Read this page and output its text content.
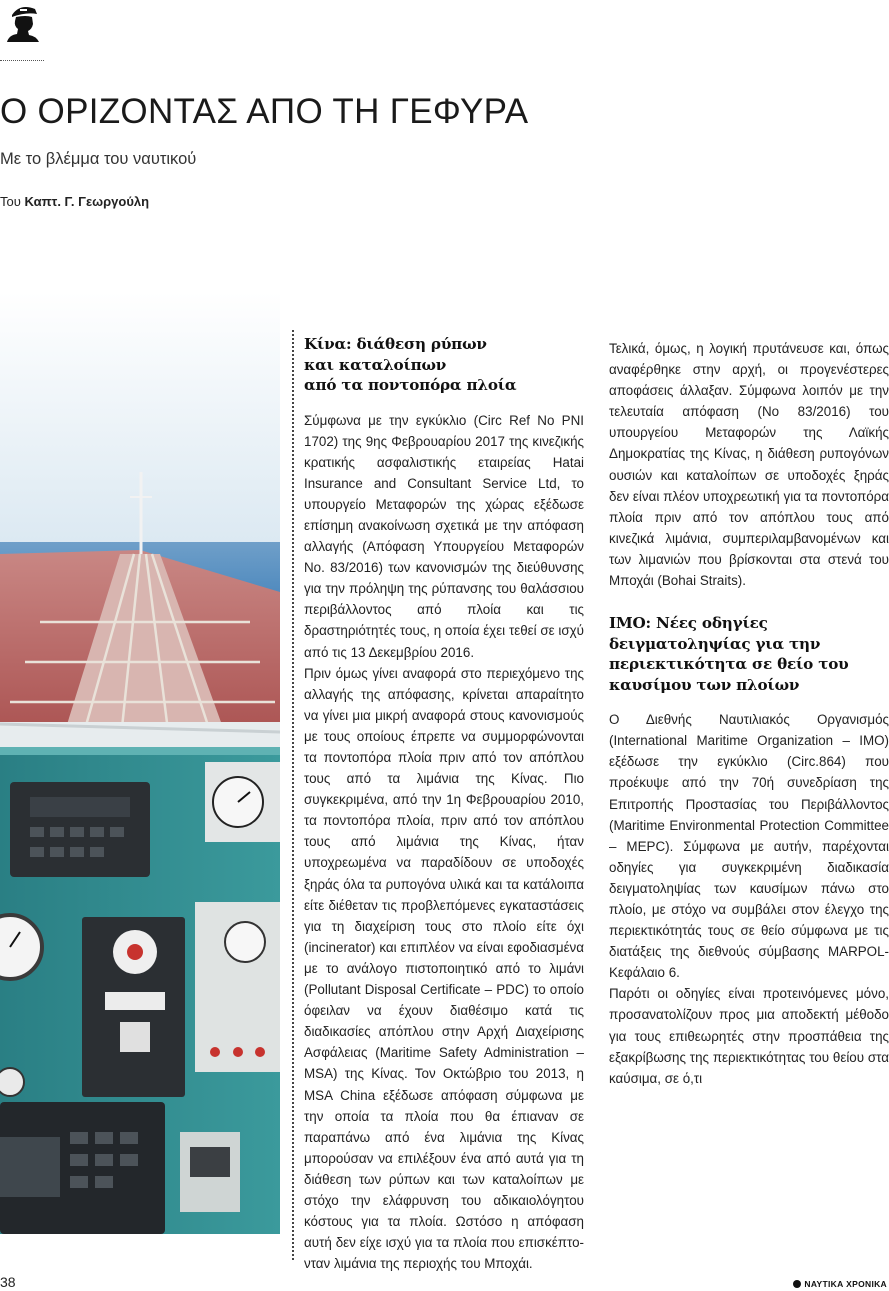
Ο ΟΡΙΖΟΝΤΑΣ ΑΠΟ ΤΗ ΓΕΦΥΡΑ
Με το βλέμμα του ναυτικού
Του Καπτ. Γ. Γεωργούλη
Κίνα: διάθεση ρύπων
και καταλοίπων
από τα ποντοπόρα πλοία

Σύμφωνα με την εγκύκλιο (Circ Ref No PNI 1702) της 9ης Φεβρουαρίου 2017 της κινεζικής κρατικής ασφαλιστικής εταιρείας Hatai Insurance and Consultant Service Ltd, το υπουργείο Μεταφορών της χώρας εξέδωσε επίσημη ανακοίνωση σχετικά με την απόφαση αλλαγής (Απόφαση Υπουργείου Μεταφορών No. 83/2016) των κανονισμών της διεύθυνσης για την πρόληψη της ρύπανσης του θαλάσσιου περιβάλλοντος από πλοία και τις δραστηριότητές τους, η οποία έχει τεθεί σε ισχύ από τις 13 Δεκεμβρίου 2016.

Πριν όμως γίνει αναφορά στο περιεχόμενο της αλλαγής της απόφασης, κρίνεται απαραίτητο να γίνει μια μικρή αναφορά στους κανονισμούς με τους οποίους έπρεπε να συμμορφώνονται τα ποντοπόρα πλοία πριν από τον απόπλου τους από τα λιμάνια της Κίνας. Πιο συγκεκριμένα, από την 1η Φεβρουαρίου 2010, τα ποντοπόρα πλοία, πριν από τον απόπλου τους από λιμάνια της Κίνας, ήταν υποχρεωμένα να παραδίδουν σε υποδοχές ξηράς όλα τα ρυπογόνα υλικά και τα κατάλοιπα είτε διέθεταν τις προβλεπόμενες εγκαταστάσεις για τη διαχείριση τους στο πλοίο είτε όχι (incinerator) και επιπλέον να είναι εφοδιασμένα με το ανάλογο πιστοποιητικό από το λιμάνι (Pollutant Disposal Certificate – PDC) το οποίο όφειλαν να έχουν διαθέσιμο κατά τις διαδικασίες απόπλου στην Αρχή Διαχείρισης Ασφάλειας (Maritime Safety Administration – MSA) της Κίνας. Τον Οκτώβριο του 2013, η MSA China εξέδωσε απόφαση σύμφωνα με την οποία τα πλοία που θα έπιαναν σε παραπάνω από ένα λιμάνια της Κίνας μπορούσαν να επιλέξουν ένα από αυτά για τη διάθεση των ρύπων και των καταλοίπων με στόχο την ελάφρυνση του αδικαιολόγητου κόστους για τα πλοία. Ωστόσο η απόφαση αυτή δεν είχε ισχύ για τα πλοία που επισκέπτονταν λιμάνια της περιοχής του Μποχάι.

Τελικά, όμως, η λογική πρυτάνευσε και, όπως αναφέρθηκε στην αρχή, οι προγενέστερες αποφάσεις άλλαξαν. Σύμφωνα λοιπόν με την τελευταία απόφαση (No 83/2016) του υπουργείου Μεταφορών της Λαϊκής Δημοκρατίας της Κίνας, η διάθεση ρυπογόνων ουσιών και καταλοίπων σε υποδοχές ξηράς δεν είναι πλέον υποχρεωτική για τα ποντοπόρα πλοία πριν από τον απόπλου τους από κινεζικά λιμάνια, συμπεριλαμβανομένων και των λιμανιών που βρίσκονται στα στενά του Μποχάι (Bohai Straits).

ΙΜΟ: Νέες οδηγίες
δειγματοληψίας για την
περιεκτικότητα σε θείο του
καυσίμου των πλοίων

Ο Διεθνής Ναυτιλιακός Οργανισμός (International Maritime Organization – IMO) εξέδωσε την εγκύκλιο (Circ.864) που προέκυψε από την 70ή συνεδρίαση της Επιτροπής Προστασίας του Περιβάλλοντος (Maritime Environmental Protection Committee – MEPC). Σύμφωνα με αυτήν, παρέχονται οδηγίες για συγκεκριμένη διαδικασία δειγματοληψίας των καυσίμων πάνω στο πλοίο, με στόχο να συμβάλει στον έλεγχο της περιεκτικότητάς τους σε θείο σύμφωνα με τις διατάξεις της διεθνούς σύμβασης MARPOL-Κεφάλαιο 6.

Παρότι οι οδηγίες είναι προτεινόμενες μόνο, προσανατολίζουν προς μια αποδεκτή μέθοδο για τους επιθεωρητές στην προσπάθεια της εξακρίβωσης της περιεκτικότητας του θείου στα καύσιμα, σε ό,τι

38	ΝΑΥΤΙΚΑ ΧΡΟΝΙΚΑ
